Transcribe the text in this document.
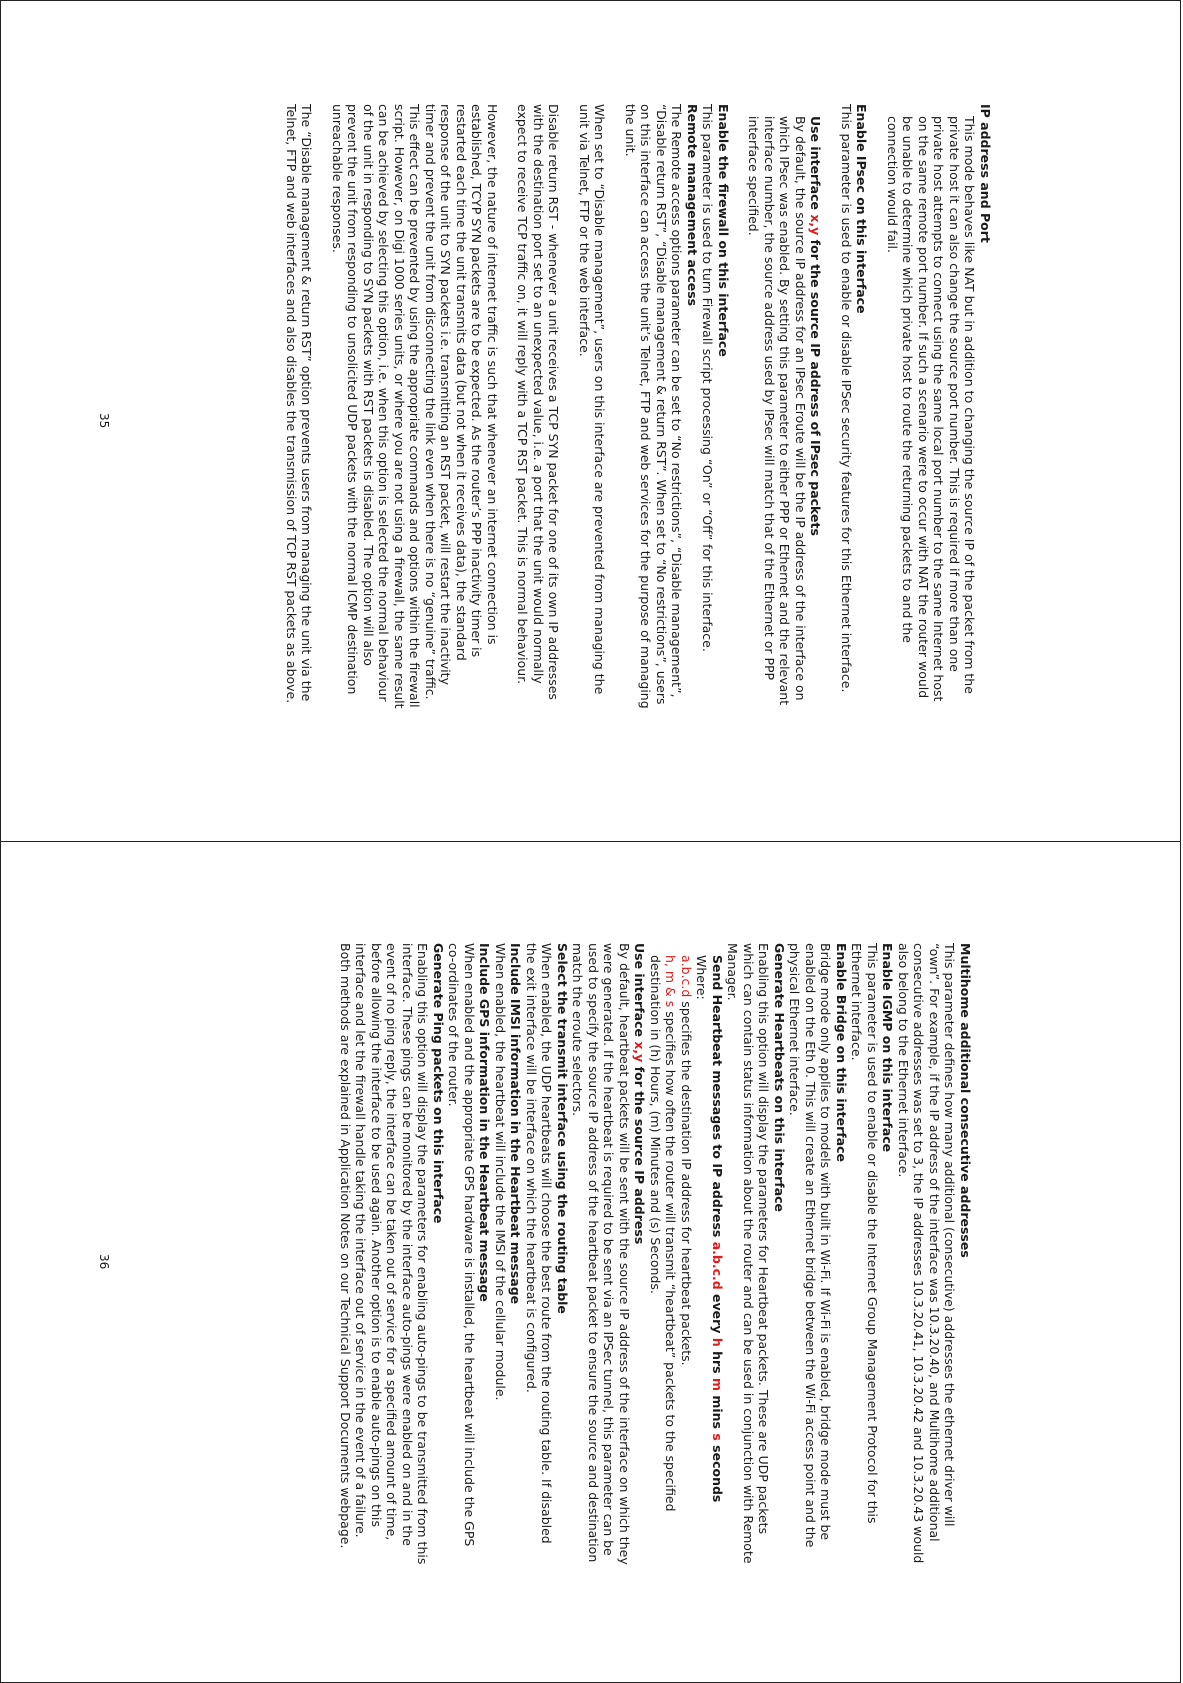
IP address and Port

This mode behaves like NAT but in addition to changing the source IP of the packet from the private host it can also change the source port number. This is required if more than one private host attempts to connect using the same local port number to the same Internet host on the same remote port number. If such a scenario were to occur with NAT the router would be unable to determine which private host to route the returning packets to and the connection would fail.

Enable IPsec on this interface

This parameter is used to enable or disable IPSec security features for this Ethernet interface.

Use interface x,y for the source IP address of IPsec packets

By default, the source IP address for an IPsec Eroute will be the IP address of the interface on which IPsec was enabled. By setting this parameter to either PPP or Ethernet and the relevant interface number, the source address used by IPsec will match that of the Ethernet or PPP interface specified.

Enable the firewall on this interface

This parameter is used to turn Firewall script processing “On” or “Off” for this interface.

Remote management access

The Remote access options parameter can be set to “No restrictions”, “Disable management”, “Disable return RST”, “Disable management & return RST”. When set to “No restrictions”, users on this interface can access the unit’s Telnet, FTP and web services for the purpose of managing the unit.

When set to “Disable management”, users on this interface are prevented from managing the unit via Telnet, FTP or the web interface.

Disable return RST - whenever a unit receives a TCP SYN packet for one of its own IP addresses with the destination port set to an unexpected value, i.e. a port that the unit would normally expect to receive TCP traffic on, it will reply with a TCP RST packet. This is normal behaviour.

However, the nature of internet traffic is such that whenever an internet connection is established, TCYP SYN packets are to be expected. As the router’s PPP inactivity timer is restarted each time the unit transmits data (but not when it receives data), the standard response of the unit to SYN packets i.e. transmitting an RST packet, will restart the inactivity timer and prevent the unit from disconnecting the link even when there is no “genuine” traffic. This effect can be prevented by using the appropriate commands and options within the firewall script. However, on Digi 1000 series units, or where you are not using a firewall, the same result can be achieved by selecting this option, i.e. when this option is selected the normal behaviour of the unit in responding to SYN packets with RST packets is disabled. The option will also prevent the unit from responding to unsolicited UDP packets with the normal ICMP destination unreachable responses.

The “Disable management & return RST” option prevents users from managing the unit via the Telnet, FTP and web interfaces and also disables the transmission of TCP RST packets as above.

35
Multihome additional consecutive addresses

This parameter defines how many additional (consecutive) addresses the ethernet driver will “own”. For example, if the IP address of the interface was 10.3.20.40, and Multihome additional consecutive addresses was set to 3, the IP addresses 10.3.20.41, 10.3.20.42 and 10.3.20.43 would also belong to the Ethernet interface.

Enable IGMP on this interface

This parameter is used to enable or disable the Internet Group Management Protocol for this Ethernet interface.

Enable Bridge on this interface

Bridge mode only applies to models with built in Wi-Fi. If Wi-Fi is enabled, bridge mode must be enabled on the Eth 0. This will create an Ethernet bridge between the Wi-Fi access point and the physical Ethernet interface.

Generate Heartbeats on this interface

Enabling this option will display the parameters for Heartbeat packets. These are UDP packets which can contain status information about the router and can be used in conjunction with Remote Manager.

Send Heartbeat messages to IP address a.b.c.d every h hrs m mins s seconds

Where:

a.b.c.d specifies the destination IP address for heartbeat packets.

h, m & s specifies how often the router will transmit “heartbeat” packets to the specified destination in (h) Hours, (m) Minutes and (s) Seconds.

Use interface x,y for the source IP address

By default, heartbeat packets will be sent with the source IP address of the interface on which they were generated. If the heartbeat is required to be sent via an IPSec tunnel, this parameter can be used to specify the source IP address of the heartbeat packet to ensure the source and destination match the eroute selectors.

Select the transmit interface using the routing table

When enabled, the UDP heartbeats will choose the best route from the routing table. If disabled the exit interface will be interface on which the heartbeat is configured.

Include IMSI information in the Heartbeat message

When enabled, the heartbeat will include the IMSI of the cellular module.

Include GPS information in the Heartbeat message

When enabled and the appropriate GPS hardware is installed, the heartbeat will include the GPS co-ordinates of the router.

Generate Ping packets on this interface

Enabling this option will display the parameters for enabling auto-pings to be transmitted from this interface. These pings can be monitored by the interface auto-pings were enabled on and in the event of no ping reply, the interface can be taken out of service for a specified amount of time, before allowing the interface to be used again. Another option is to enable auto-pings on this interface and let the firewall handle taking the interface out of service in the event of a failure. Both methods are explained in Application Notes on our Technical Support Documents webpage.

36
